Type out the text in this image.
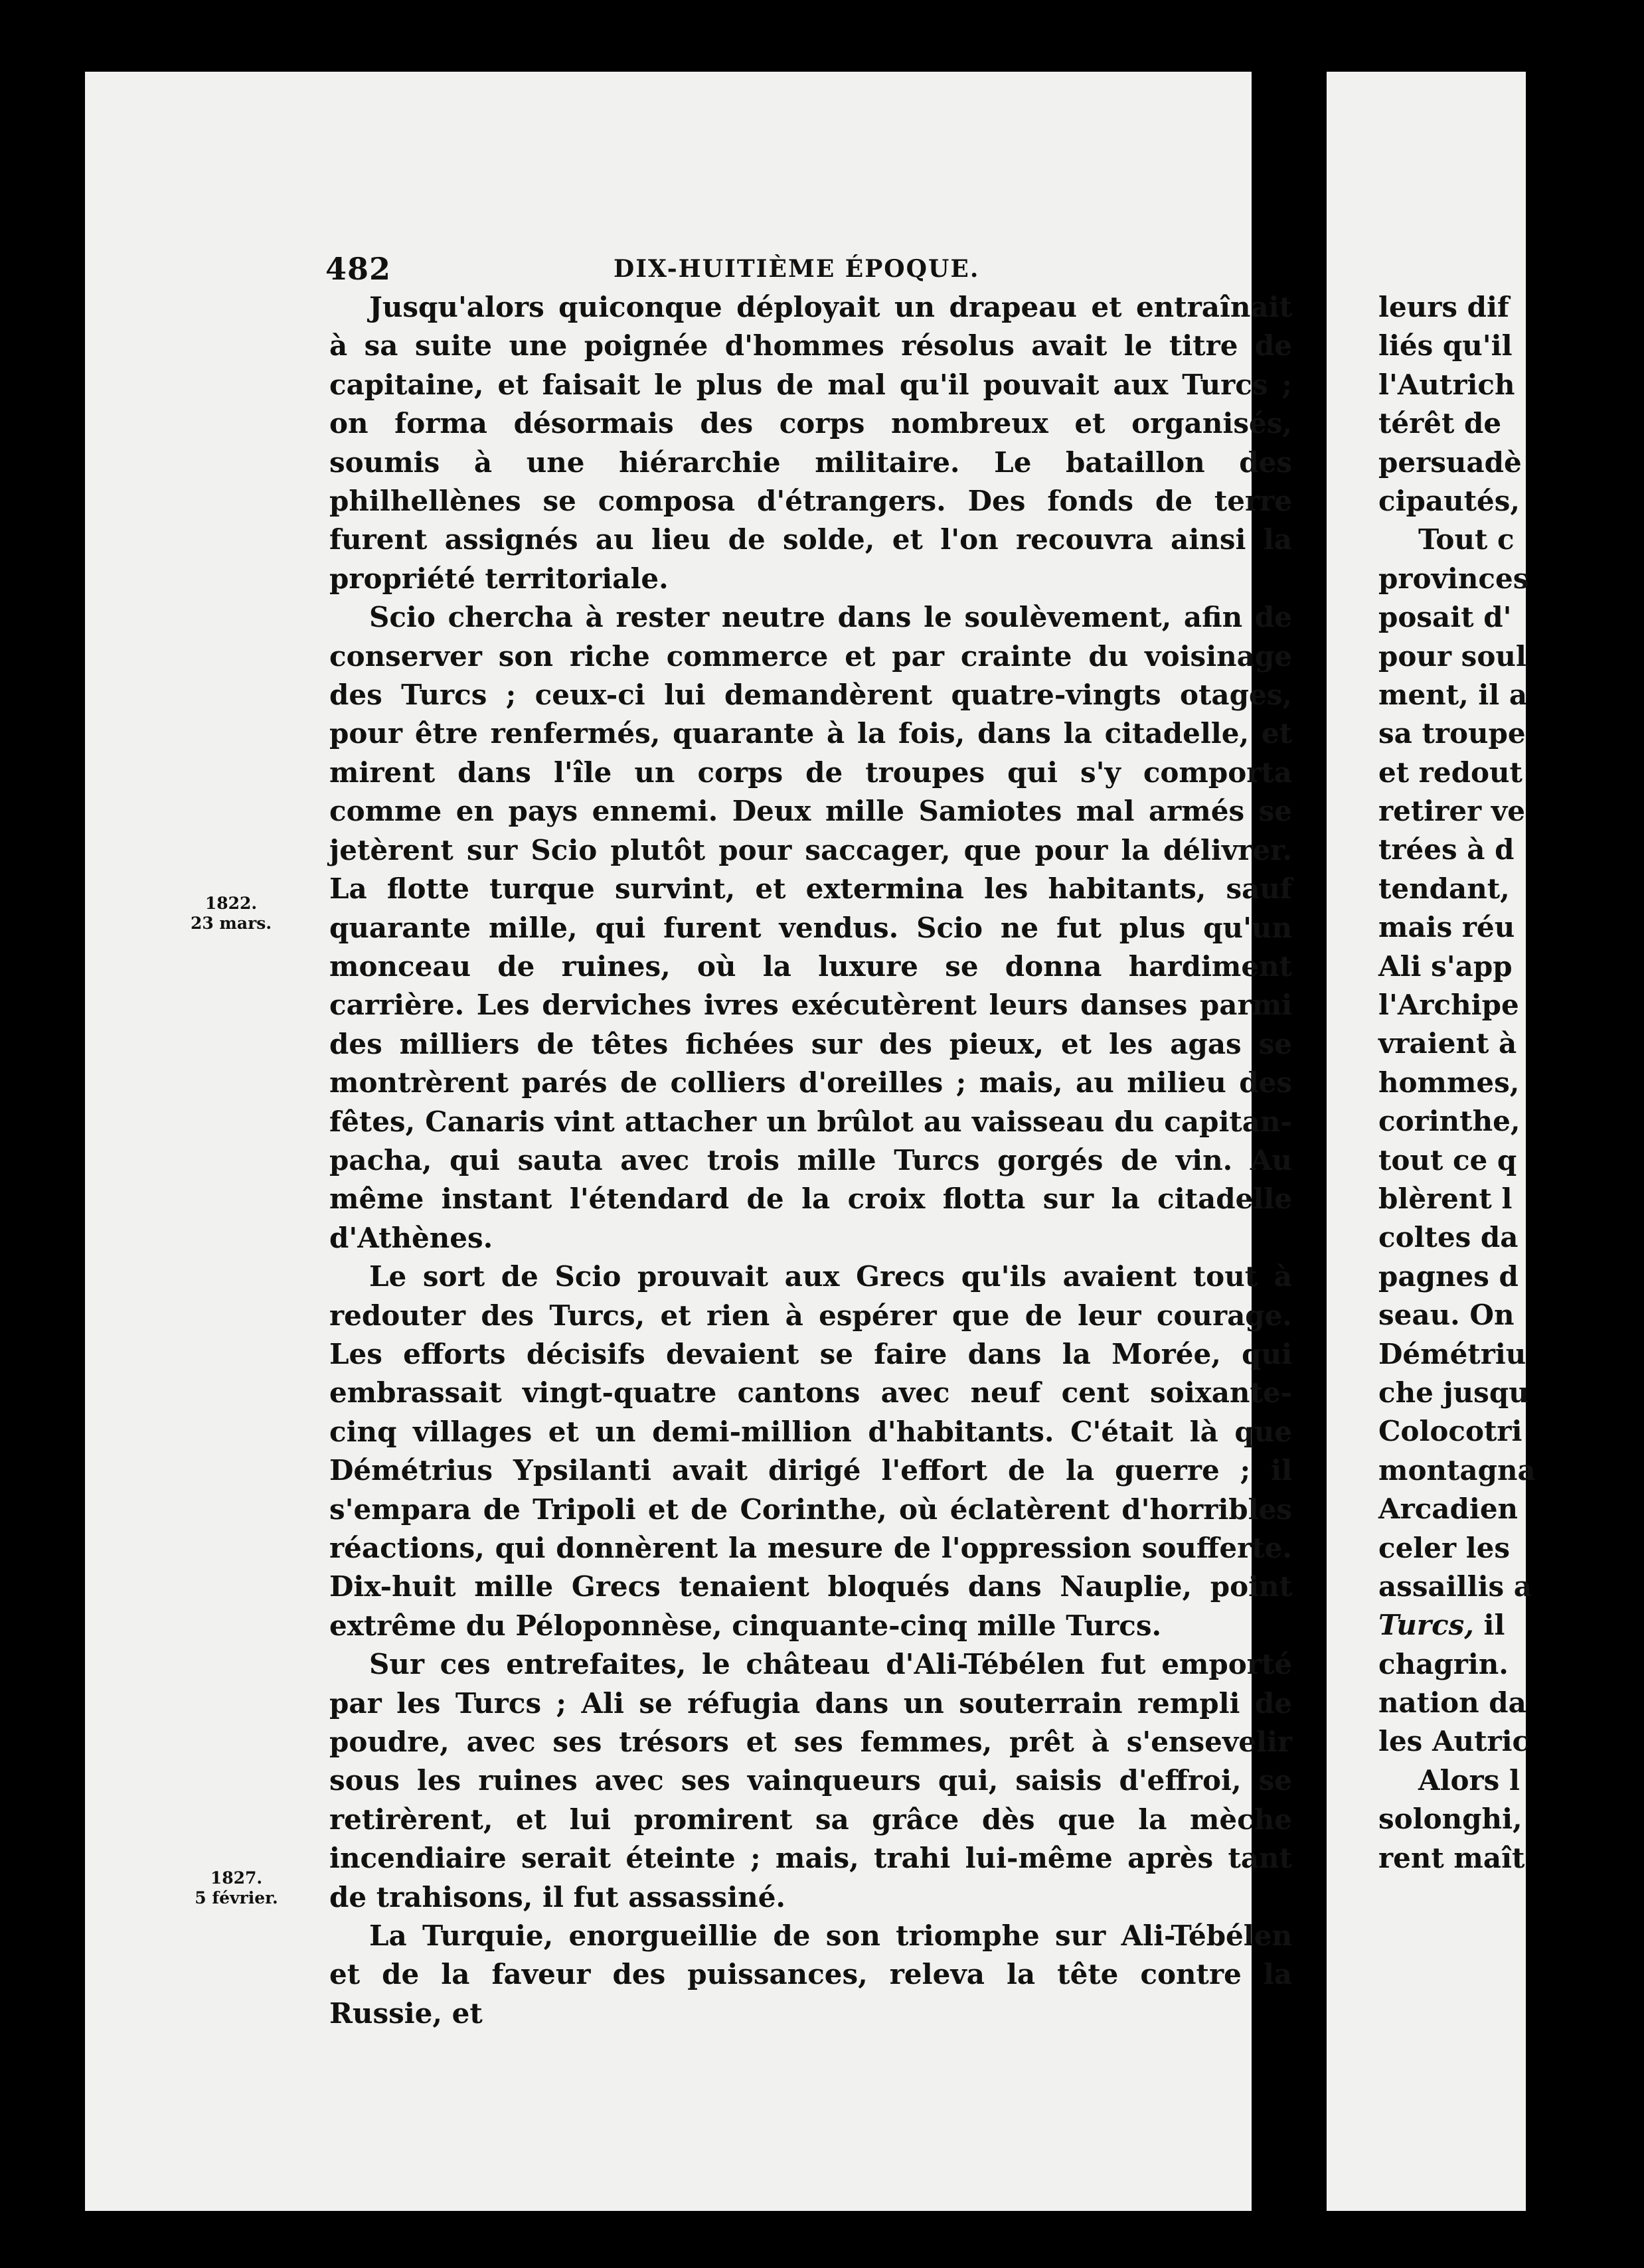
482	DIX-HUITIÈME ÉPOQUE.
1822.
23 mars.
1827.
5 février.

Jusqu'alors quiconque déployait un drapeau et entraînait à sa suite une poignée d'hommes résolus avait le titre de capitaine, et faisait le plus de mal qu'il pouvait aux Turcs ; on forma désormais des corps nombreux et organisés, soumis à une hiérarchie militaire. Le bataillon des philhellènes se composa d'étrangers. Des fonds de terre furent assignés au lieu de solde, et l'on recouvra ainsi la propriété territoriale.

Scio chercha à rester neutre dans le soulèvement, afin de conserver son riche commerce et par crainte du voisinage des Turcs ; ceux-ci lui demandèrent quatre-vingts otages, pour être renfermés, quarante à la fois, dans la citadelle, et mirent dans l'île un corps de troupes qui s'y comporta comme en pays ennemi. Deux mille Samiotes mal armés se jetèrent sur Scio plutôt pour saccager, que pour la délivrer. La flotte turque survint, et extermina les habitants, sauf quarante mille, qui furent vendus. Scio ne fut plus qu'un monceau de ruines, où la luxure se donna hardiment carrière. Les derviches ivres exécutèrent leurs danses parmi des milliers de têtes fichées sur des pieux, et les agas se montrèrent parés de colliers d'oreilles ; mais, au milieu des fêtes, Canaris vint attacher un brûlot au vaisseau du capitan-pacha, qui sauta avec trois mille Turcs gorgés de vin. Au même instant l'étendard de la croix flotta sur la citadelle d'Athènes.

Le sort de Scio prouvait aux Grecs qu'ils avaient tout à redouter des Turcs, et rien à espérer que de leur courage. Les efforts décisifs devaient se faire dans la Morée, qui embrassait vingt-quatre cantons avec neuf cent soixante-cinq villages et un demi-million d'habitants. C'était là que Démétrius Ypsilanti avait dirigé l'effort de la guerre ; il s'empara de Tripoli et de Corinthe, où éclatèrent d'horribles réactions, qui donnèrent la mesure de l'oppression soufferte. Dix-huit mille Grecs tenaient bloqués dans Nauplie, point extrême du Péloponnèse, cinquante-cinq mille Turcs.

Sur ces entrefaites, le château d'Ali-Tébélen fut emporté par les Turcs ; Ali se réfugia dans un souterrain rempli de poudre, avec ses trésors et ses femmes, prêt à s'ensevelir sous les ruines avec ses vainqueurs qui, saisis d'effroi, se retirèrent, et lui promirent sa grâce dès que la mèche incendiaire serait éteinte ; mais, trahi lui-même après tant de trahisons, il fut assassiné.

La Turquie, enorgueillie de son triomphe sur Ali-Tébélen et de la faveur des puissances, releva la tête contre la Russie, et

leurs dif
liés qu'il
l'Autrich
térêt de
persuadè
cipautés,
Tout c
provinces
posait d'
pour soul
ment, il a
sa troupe
et redout
retirer ve
trées à d
tendant,
mais réu
Ali s'app
l'Archipe
vraient à
hommes,
corinthe,
tout ce q
blèrent l
coltes da
pagnes d
seau. On
Démétriu
che jusqu
Colocotri
montagna
Arcadien
celer les
assaillis a
Turcs, il
chagrin.
nation da
les Autric
Alors l
solonghi,
rent maît
